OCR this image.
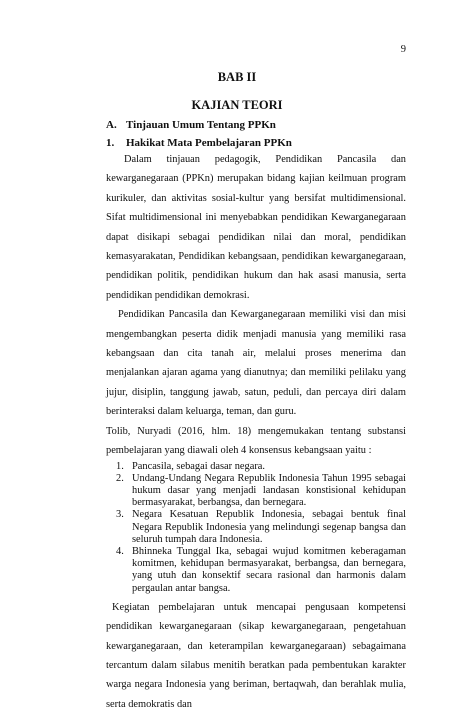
9
BAB II
KAJIAN TEORI
A. Tinjauan Umum Tentang PPKn
1. Hakikat Mata Pembelajaran PPKn

Dalam tinjauan pedagogik, Pendidikan Pancasila dan kewarganegaraan (PPKn) merupakan bidang kajian keilmuan program kurikuler, dan aktivitas sosial-kultur yang bersifat multidimensional. Sifat multidimensional ini menyebabkan pendidikan Kewarganegaraan dapat disikapi sebagai pendidikan nilai dan moral, pendidikan kemasyarakatan, Pendidikan kebangsaan, pendidikan kewarganegaraan, pendidikan politik, pendidikan hukum dan hak asasi manusia, serta pendidikan pendidikan demokrasi.

Pendidikan Pancasila dan Kewarganegaraan memiliki visi dan misi mengembangkan peserta didik menjadi manusia yang memiliki rasa kebangsaan dan cita tanah air, melalui proses menerima dan menjalankan ajaran agama yang dianutnya; dan memiliki pelilaku yang jujur, disiplin, tanggung jawab, satun, peduli, dan percaya diri dalam berinteraksi dalam keluarga, teman, dan guru.

Tolib, Nuryadi (2016, hlm. 18) mengemukakan tentang substansi pembelajaran yang diawali oleh 4 konsensus kebangsaan yaitu :

1. Pancasila, sebagai dasar negara.
2. Undang-Undang Negara Republik Indonesia Tahun 1995 sebagai hukum dasar yang menjadi landasan konstisional kehidupan bermasyarakat, berbangsa, dan bernegara.
3. Negara Kesatuan Republik Indonesia, sebagai bentuk final Negara Republik Indonesia yang melindungi segenap bangsa dan seluruh tumpah dara Indonesia.
4. Bhinneka Tunggal Ika, sebagai wujud komitmen keberagaman komitmen, kehidupan bermasyarakat, berbangsa, dan bernegara, yang utuh dan konsektif secara rasional dan harmonis dalam pergaulan antar bangsa.

Kegiatan pembelajaran untuk mencapai pengusaan kompetensi pendidikan kewarganegaraan (sikap kewarganegaraan, pengetahuan kewarganegaraan, dan keterampilan kewarganegaraan) sebagaimana tercantum dalam silabus menitih beratkan pada pembentukan karakter warga negara Indonesia yang beriman, bertaqwah, dan berahlak mulia, serta demokratis dan
